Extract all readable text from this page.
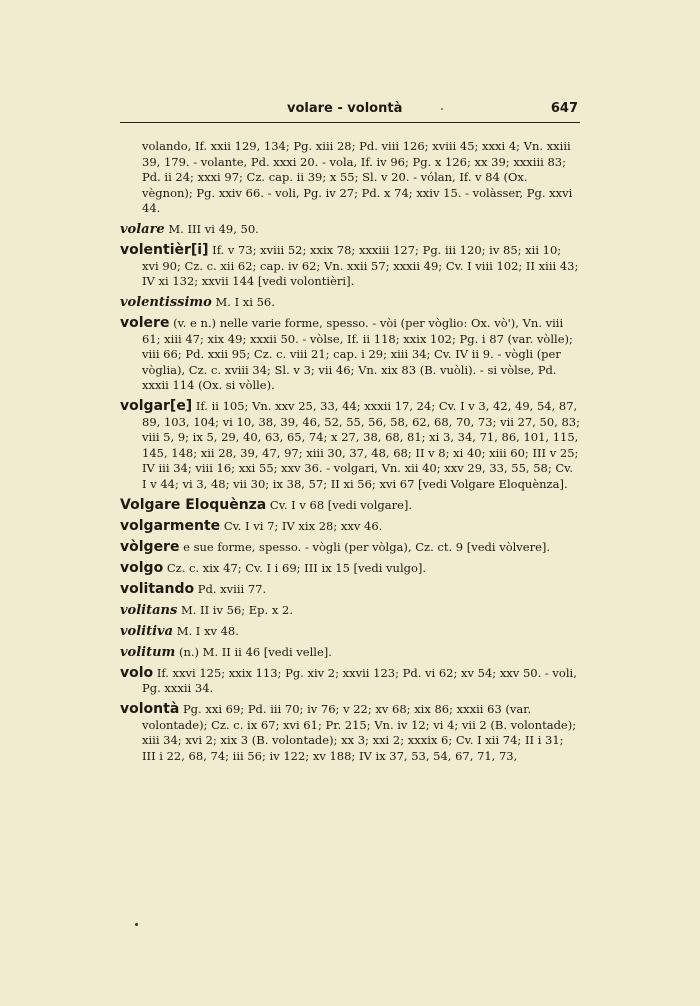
volare - volontà	647

volando, If. xxii 129, 134; Pg. xiii 28; Pd. viii 126; xviii 45; xxxi 4; Vn. xxiii 39, 179. - volante, Pd. xxxi 20. - vola, If. iv 96; Pg. x 126; xx 39; xxxiii 83; Pd. ii 24; xxxi 97; Cz. cap. ii 39; x 55; Sl. v 20. - vólan, If. v 84 (Ox. vègnon); Pg. xxiv 66. - voli, Pg. iv 27; Pd. x 74; xxiv 15. - volàsser, Pg. xxvi 44.

volare M. III vi 49, 50.

volentièr[i] If. v 73; xviii 52; xxix 78; xxxiii 127; Pg. iii 120; iv 85; xii 10; xvi 90; Cz. c. xii 62; cap. iv 62; Vn. xxii 57; xxxii 49; Cv. I viii 102; II xiii 43; IV xi 132; xxvii 144 [vedi volontièri].

volentissimo M. I xi 56.

volere (v. e n.) nelle varie forme, spesso. - vòi (per vòglio: Ox. vò'), Vn. viii 61; xiii 47; xix 49; xxxii 50. - vòlse, If. ii 118; xxix 102; Pg. i 87 (var. vòlle); viii 66; Pd. xxii 95; Cz. c. viii 21; cap. i 29; xiii 34; Cv. IV ii 9. - vògli (per vòglia), Cz. c. xviii 34; Sl. v 3; vii 46; Vn. xix 83 (B. vuòli). - si vòlse, Pd. xxxii 114 (Ox. si vòlle).

volgar[e] If. ii 105; Vn. xxv 25, 33, 44; xxxii 17, 24; Cv. I v 3, 42, 49, 54, 87, 89, 103, 104; vi 10, 38, 39, 46, 52, 55, 56, 58, 62, 68, 70, 73; vii 27, 50, 83; viii 5, 9; ix 5, 29, 40, 63, 65, 74; x 27, 38, 68, 81; xi 3, 34, 71, 86, 101, 115, 145, 148; xii 28, 39, 47, 97; xiii 30, 37, 48, 68; II v 8; xi 40; xiii 60; III v 25; IV iii 34; viii 16; xxi 55; xxv 36. - volgari, Vn. xii 40; xxv 29, 33, 55, 58; Cv. I v 44; vi 3, 48; vii 30; ix 38, 57; II xi 56; xvi 67 [vedi Volgare Eloquènza].

Volgare Eloquènza Cv. I v 68 [vedi volgare].

volgarmente Cv. I vi 7; IV xix 28; xxv 46.

vòlgere e sue forme, spesso. - vògli (per vòlga), Cz. ct. 9 [vedi vòlvere].

volgo Cz. c. xix 47; Cv. I i 69; III ix 15 [vedi vulgo].

volitando Pd. xviii 77.

volitans M. II iv 56; Ep. x 2.

volitiva M. I xv 48.

volitum (n.) M. II ii 46 [vedi velle].

volo If. xxvi 125; xxix 113; Pg. xiv 2; xxvii 123; Pd. vi 62; xv 54; xxv 50. - voli, Pg. xxxii 34.

volontà Pg. xxi 69; Pd. iii 70; iv 76; v 22; xv 68; xix 86; xxxii 63 (var. volontade); Cz. c. ix 67; xvi 61; Pr. 215; Vn. iv 12; vi 4; vii 2 (B. volontade); xiii 34; xvi 2; xix 3 (B. volontade); xx 3; xxi 2; xxxix 6; Cv. I xii 74; II i 31; III i 22, 68, 74; iii 56; iv 122; xv 188; IV ix 37, 53, 54, 67, 71, 73,
